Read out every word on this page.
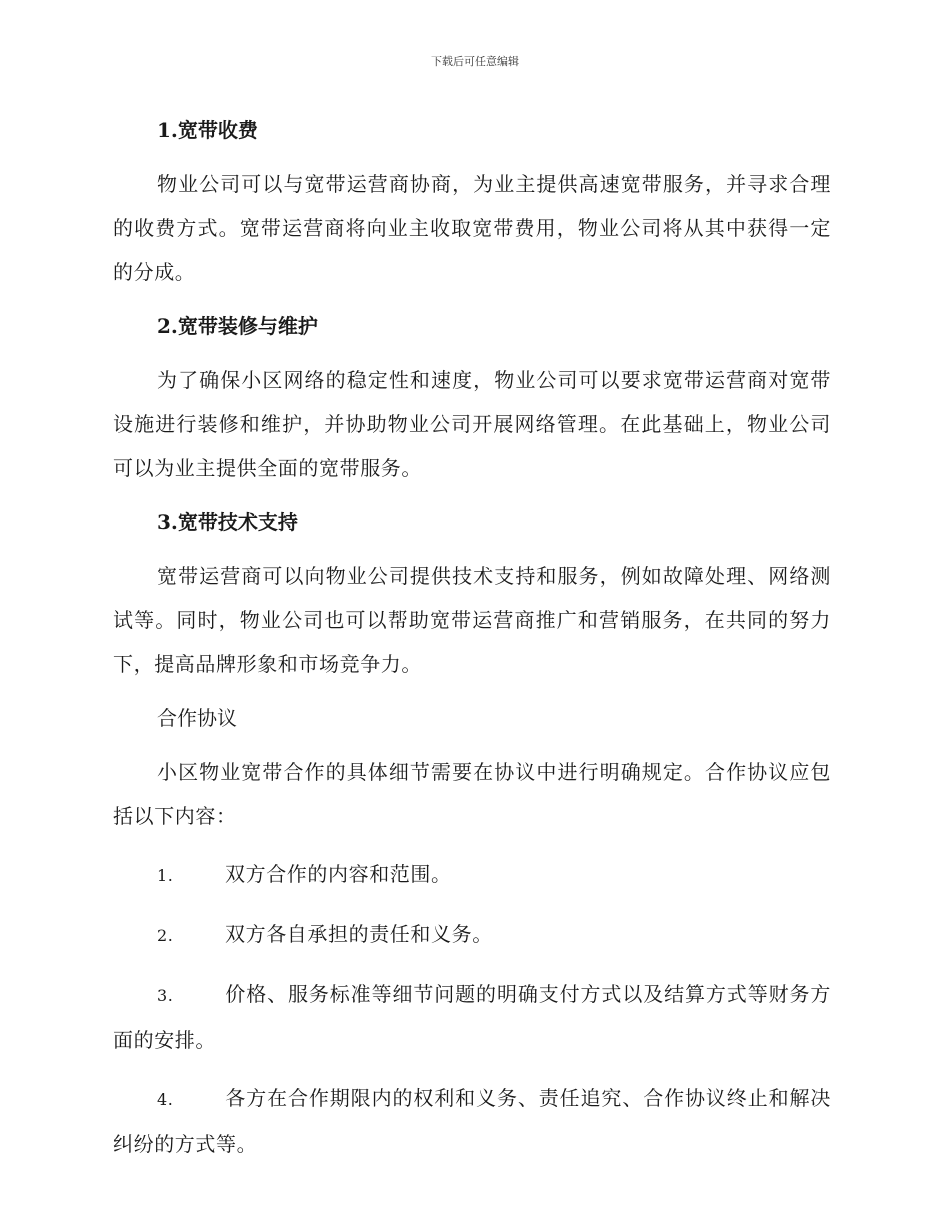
下载后可任意编辑
1.宽带收费

物业公司可以与宽带运营商协商，为业主提供高速宽带服务，并寻求合理的收费方式。宽带运营商将向业主收取宽带费用，物业公司将从其中获得一定的分成。

2.宽带装修与维护

为了确保小区网络的稳定性和速度，物业公司可以要求宽带运营商对宽带设施进行装修和维护，并协助物业公司开展网络管理。在此基础上，物业公司可以为业主提供全面的宽带服务。

3.宽带技术支持

宽带运营商可以向物业公司提供技术支持和服务，例如故障处理、网络测试等。同时，物业公司也可以帮助宽带运营商推广和营销服务，在共同的努力下，提高品牌形象和市场竞争力。

合作协议

小区物业宽带合作的具体细节需要在协议中进行明确规定。合作协议应包括以下内容：

1.	双方合作的内容和范围。

2.	双方各自承担的责任和义务。

3.	价格、服务标准等细节问题的明确支付方式以及结算方式等财务方面的安排。

4.	各方在合作期限内的权利和义务、责任追究、合作协议终止和解决纠纷的方式等。
